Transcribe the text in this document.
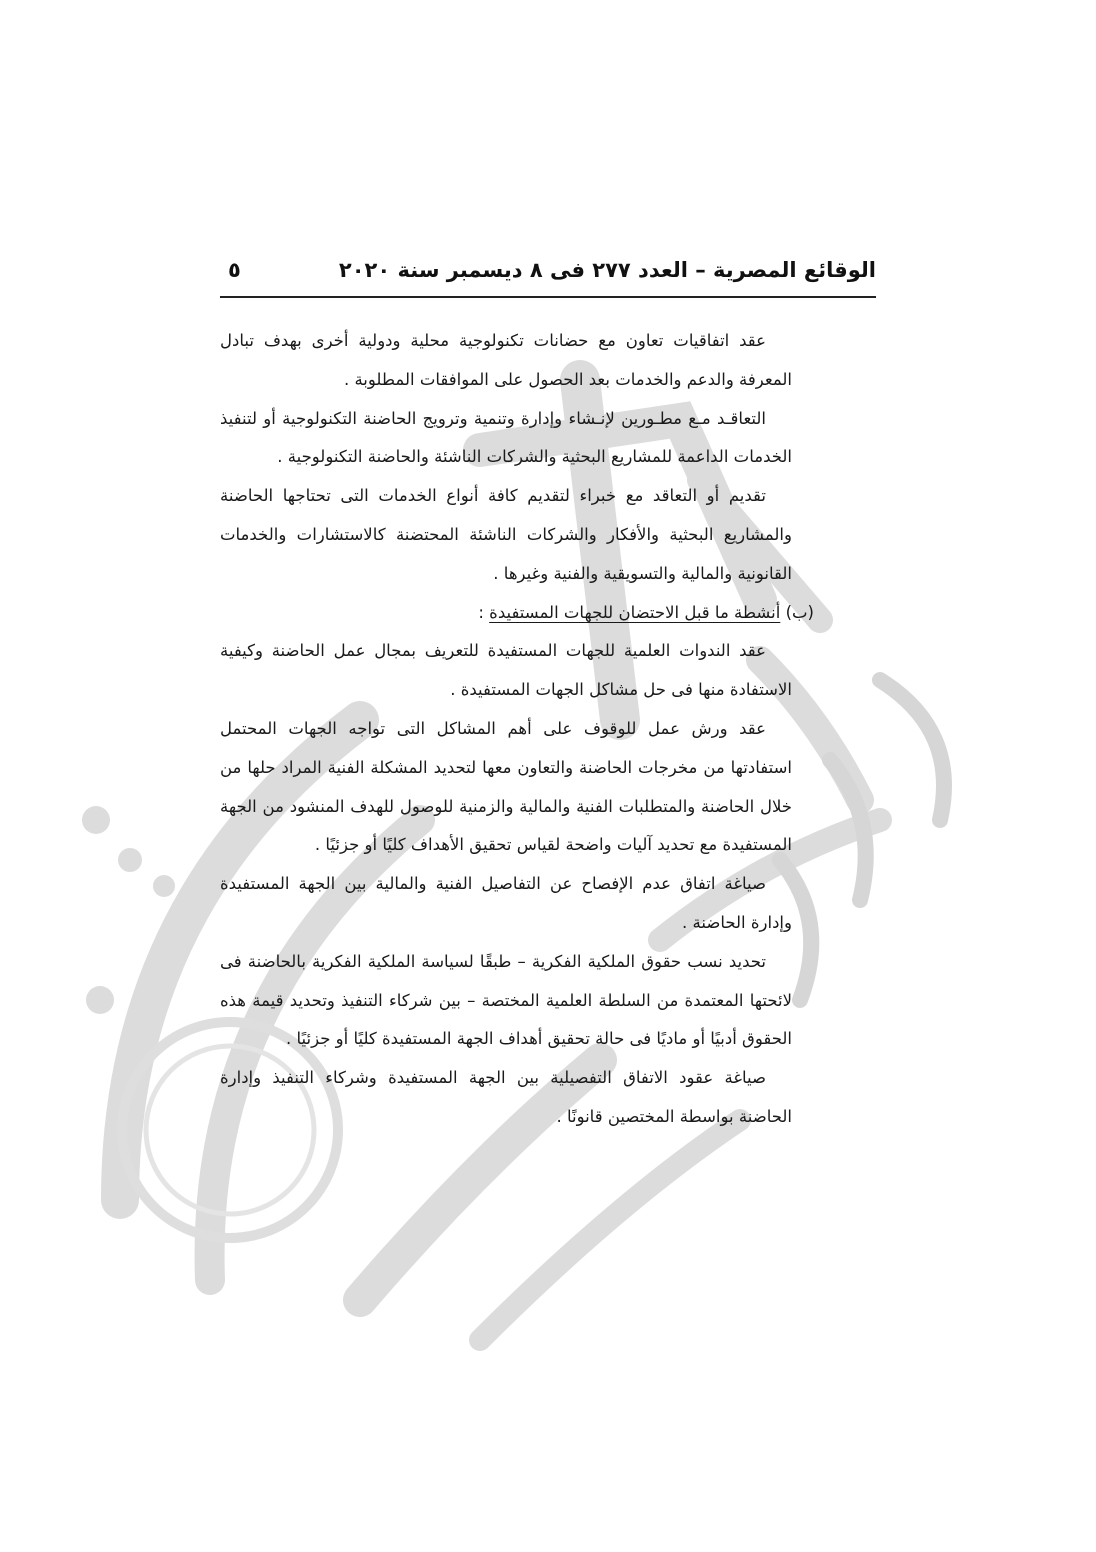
الوقائع المصرية – العدد ٢٧٧ فى ٨ ديسمبر سنة ٢٠٢٠
٥

عقد اتفاقيات تعاون مع حضانات تكنولوجية محلية ودولية أخرى بهدف تبادل المعرفة والدعم والخدمات بعد الحصول على الموافقات المطلوبة .

التعاقـد مـع مطـورين لإنـشاء وإدارة وتنمية وترويج الحاضنة التكنولوجية أو لتنفيذ الخدمات الداعمة للمشاريع البحثية والشركات الناشئة والحاضنة التكنولوجية .

تقديم أو التعاقد مع خبراء لتقديم كافة أنواع الخدمات التى تحتاجها الحاضنة والمشاريع البحثية والأفكار والشركات الناشئة المحتضنة كالاستشارات والخدمات القانونية والمالية والتسويقية والفنية وغيرها .

(ب) أنشطة ما قبل الاحتضان للجهات المستفيدة :

عقد الندوات العلمية للجهات المستفيدة للتعريف بمجال عمل الحاضنة وكيفية الاستفادة منها فى حل مشاكل الجهات المستفيدة .

عقد ورش عمل للوقوف على أهم المشاكل التى تواجه الجهات المحتمل استفادتها من مخرجات الحاضنة والتعاون معها لتحديد المشكلة الفنية المراد حلها من خلال الحاضنة والمتطلبات الفنية والمالية والزمنية للوصول للهدف المنشود من الجهة المستفيدة مع تحديد آليات واضحة لقياس تحقيق الأهداف كليًا أو جزئيًا .

صياغة اتفاق عدم الإفصاح عن التفاصيل الفنية والمالية بين الجهة المستفيدة وإدارة الحاضنة .

تحديد نسب حقوق الملكية الفكرية – طبقًا لسياسة الملكية الفكرية بالحاضنة فى لائحتها المعتمدة من السلطة العلمية المختصة – بين شركاء التنفيذ وتحديد قيمة هذه الحقوق أدبيًا أو ماديًا فى حالة تحقيق أهداف الجهة المستفيدة كليًا أو جزئيًا .

صياغة عقود الاتفاق التفصيلية بين الجهة المستفيدة وشركاء التنفيذ وإدارة الحاضنة بواسطة المختصين قانونًا .
